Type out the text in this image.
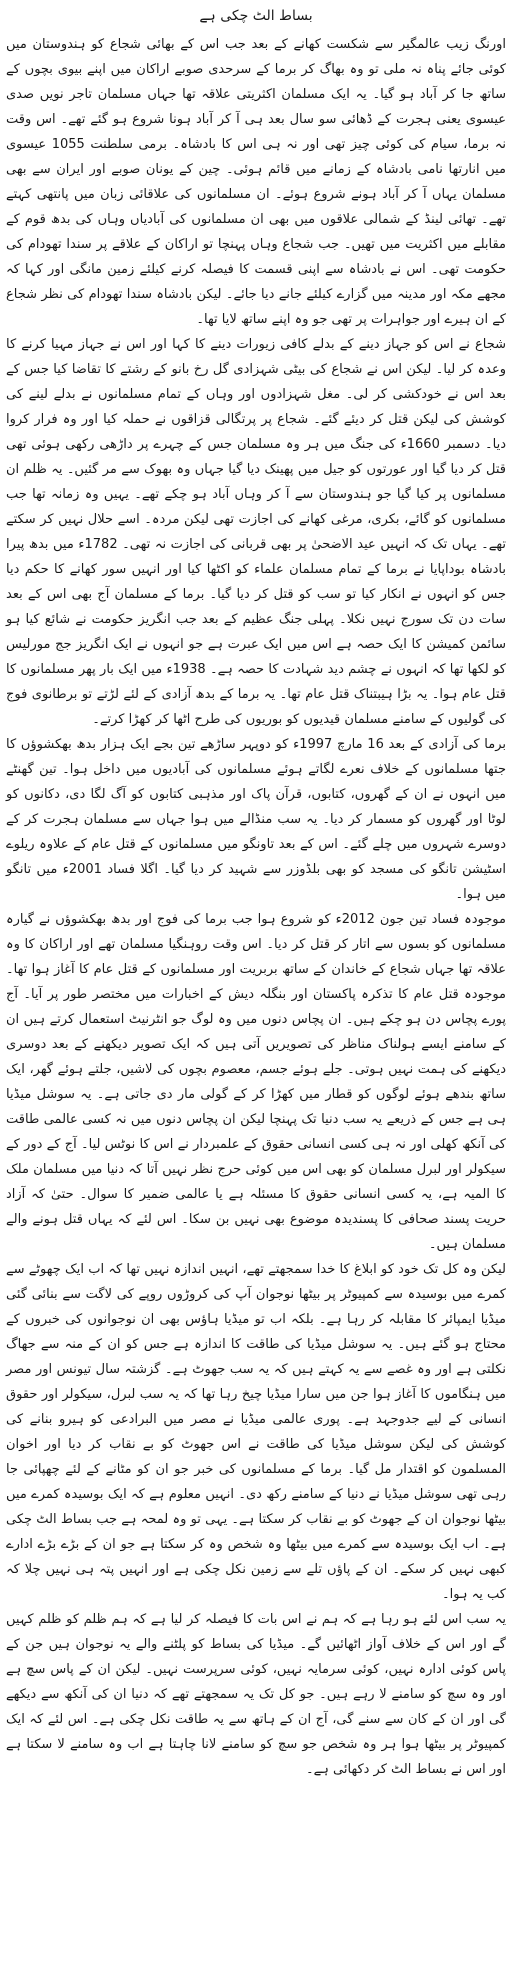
بساط الٹ چکی ہے

اورنگ زیب عالمگیر سے شکست کھانے کے بعد جب اس کے بھائی شجاع کو ہندوستان میں کوئی جائے پناہ نہ ملی تو وہ بھاگ کر برما کے سرحدی صوبے اراکان میں اپنے بیوی بچوں کے ساتھ جا کر آباد ہو گیا۔ یہ ایک مسلمان اکثریتی علاقہ تھا جہاں مسلمان تاجر نویں صدی عیسوی یعنی ہجرت کے ڈھائی سو سال بعد ہی آ کر آباد ہونا شروع ہو گئے تھے۔ اس وقت نہ برما، سیام کی کوئی چیز تھی اور نہ ہی اس کا بادشاہ۔ برمی سلطنت 1055 عیسوی میں انارتھا نامی بادشاہ کے زمانے میں قائم ہوئی۔ چین کے یونان صوبے اور ایران سے بھی مسلمان یہاں آ کر آباد ہونے شروع ہوئے۔ ان مسلمانوں کی علاقائی زبان میں پانتھی کہتے تھے۔ تھائی لینڈ کے شمالی علاقوں میں بھی ان مسلمانوں کی آبادیاں وہاں کی بدھ قوم کے مقابلے میں اکثریت میں تھیں۔ جب شجاع وہاں پہنچا تو اراکان کے علاقے پر سندا تھودام کی حکومت تھی۔ اس نے بادشاہ سے اپنی قسمت کا فیصلہ کرنے کیلئے زمین مانگی اور کہا کہ مجھے مکہ اور مدینہ میں گزارے کیلئے جانے دیا جائے۔ لیکن بادشاہ سندا تھودام کی نظر شجاع کے ان ہیرے اور جواہرات پر تھی جو وہ اپنے ساتھ لایا تھا۔

شجاع نے اس کو جہاز دینے کے بدلے کافی زیورات دینے کا کہا اور اس نے جہاز مہیا کرنے کا وعدہ کر لیا۔ لیکن اس نے شجاع کی بیٹی شہزادی گل رخ بانو کے رشتے کا تقاضا کیا جس کے بعد اس نے خودکشی کر لی۔ مغل شہزادوں اور وہاں کے تمام مسلمانوں نے بدلے لینے کی کوشش کی لیکن قتل کر دیئے گئے۔ شجاع پر پرتگالی قزاقوں نے حملہ کیا اور وہ فرار کروا دیا۔ دسمبر 1660ء کی جنگ میں ہر وہ مسلمان جس کے چہرے پر داڑھی رکھی ہوئی تھی قتل کر دیا گیا اور عورتوں کو جیل میں پھینک دیا گیا جہاں وہ بھوک سے مر گئیں۔ یہ ظلم ان مسلمانوں پر کیا گیا جو ہندوستان سے آ کر وہاں آباد ہو چکے تھے۔ یہیں وہ زمانہ تھا جب مسلمانوں کو گائے، بکری، مرغی کھانے کی اجازت تھی لیکن مردہ۔ اسے حلال نہیں کر سکتے تھے۔ یہاں تک کہ انہیں عید الاضحیٰ پر بھی قربانی کی اجازت نہ تھی۔ 1782ء میں بدھ پیرا بادشاہ بوداپایا نے برما کے تمام مسلمان علماء کو اکٹھا کیا اور انہیں سور کھانے کا حکم دیا جس کو انہوں نے انکار کیا تو سب کو قتل کر دیا گیا۔ برما کے مسلمان آج بھی اس کے بعد سات دن تک سورج نہیں نکلا۔ پہلی جنگ عظیم کے بعد جب انگریز حکومت نے شائع کیا ہو سائمن کمیشن کا ایک حصہ ہے اس میں ایک عبرت ہے جو انہوں نے ایک انگریز جج مورلیس کو لکھا تھا کہ انہوں نے چشم دید شہادت کا حصہ ہے۔ 1938ء میں ایک بار پھر مسلمانوں کا قتل عام ہوا۔ یہ بڑا ہیبتناک قتل عام تھا۔ یہ برما کے بدھ آزادی کے لئے لڑتے تو برطانوی فوج کی گولیوں کے سامنے مسلمان قیدیوں کو بوریوں کی طرح اٹھا کر کھڑا کرتے۔

برما کی آزادی کے بعد 16 مارچ 1997ء کو دوپہر ساڑھے تین بجے ایک ہزار بدھ بھکشوؤں کا جتھا مسلمانوں کے خلاف نعرے لگاتے ہوئے مسلمانوں کی آبادیوں میں داخل ہوا۔ تین گھنٹے میں انہوں نے ان کے گھروں، کتابوں، قرآن پاک اور مذہبی کتابوں کو آگ لگا دی، دکانوں کو لوٹا اور گھروں کو مسمار کر دیا۔ یہ سب منڈالے میں ہوا جہاں سے مسلمان ہجرت کر کے دوسرے شہروں میں چلے گئے۔ اس کے بعد تاونگو میں مسلمانوں کے قتل عام کے علاوہ ریلوے اسٹیشن تانگو کی مسجد کو بھی بلڈوزر سے شہید کر دیا گیا۔ اگلا فساد 2001ء میں تانگو میں ہوا۔

موجودہ فساد تین جون 2012ء کو شروع ہوا جب برما کی فوج اور بدھ بھکشوؤں نے گیارہ مسلمانوں کو بسوں سے اتار کر قتل کر دیا۔ اس وقت روہنگیا مسلمان تھے اور اراکان کا وہ علاقہ تھا جہاں شجاع کے خاندان کے ساتھ بربریت اور مسلمانوں کے قتل عام کا آغاز ہوا تھا۔ موجودہ قتل عام کا تذکرہ پاکستان اور بنگلہ دیش کے اخبارات میں مختصر طور پر آیا۔ آج پورے پچاس دن ہو چکے ہیں۔ ان پچاس دنوں میں وہ لوگ جو انٹرنیٹ استعمال کرتے ہیں ان کے سامنے ایسے ہولناک مناظر کی تصویریں آتی ہیں کہ ایک تصویر دیکھنے کے بعد دوسری دیکھنے کی ہمت نہیں ہوتی۔ جلے ہوئے جسم، معصوم بچوں کی لاشیں، جلتے ہوئے گھر، ایک ساتھ بندھے ہوئے لوگوں کو قطار میں کھڑا کر کے گولی مار دی جاتی ہے۔ یہ سوشل میڈیا ہی ہے جس کے ذریعے یہ سب دنیا تک پہنچا لیکن ان پچاس دنوں میں نہ کسی عالمی طاقت کی آنکھ کھلی اور نہ ہی کسی انسانی حقوق کے علمبردار نے اس کا نوٹس لیا۔ آج کے دور کے سیکولر اور لبرل مسلمان کو بھی اس میں کوئی حرج نظر نہیں آتا کہ دنیا میں مسلمان ملک کا المیہ ہے، یہ کسی انسانی حقوق کا مسئلہ ہے یا عالمی ضمیر کا سوال۔ حتیٰ کہ آزاد حریت پسند صحافی کا پسندیدہ موضوع بھی نہیں بن سکا۔ اس لئے کہ یہاں قتل ہونے والے مسلمان ہیں۔

لیکن وہ کل تک خود کو ابلاغ کا خدا سمجھتے تھے، انہیں اندازہ نہیں تھا کہ اب ایک چھوٹے سے کمرے میں بوسیدہ سے کمپیوٹر پر بیٹھا نوجوان آپ کی کروڑوں روپے کی لاگت سے بنائی گئی میڈیا ایمپائر کا مقابلہ کر رہا ہے۔ بلکہ اب تو میڈیا ہاؤس بھی ان نوجوانوں کی خبروں کے محتاج ہو گئے ہیں۔ یہ سوشل میڈیا کی طاقت کا اندازہ ہے جس کو ان کے منہ سے جھاگ نکلتی ہے اور وہ غصے سے یہ کہتے ہیں کہ یہ سب جھوٹ ہے۔ گزشتہ سال تیونس اور مصر میں ہنگاموں کا آغاز ہوا جن میں سارا میڈیا چیخ رہا تھا کہ یہ سب لبرل، سیکولر اور حقوق انسانی کے لیے جدوجہد ہے۔ پوری عالمی میڈیا نے مصر میں البرادعی کو ہیرو بنانے کی کوشش کی لیکن سوشل میڈیا کی طاقت نے اس جھوٹ کو بے نقاب کر دیا اور اخوان المسلمون کو اقتدار مل گیا۔ برما کے مسلمانوں کی خبر جو ان کو مٹانے کے لئے چھپائی جا رہی تھی سوشل میڈیا نے دنیا کے سامنے رکھ دی۔ انہیں معلوم ہے کہ ایک بوسیدہ کمرے میں بیٹھا نوجوان ان کے جھوٹ کو بے نقاب کر سکتا ہے۔ یہی تو وہ لمحہ ہے جب بساط الٹ چکی ہے۔ اب ایک بوسیدہ سے کمرے میں بیٹھا وہ شخص وہ کر سکتا ہے جو ان کے بڑے بڑے ادارے کبھی نہیں کر سکے۔ ان کے پاؤں تلے سے زمین نکل چکی ہے اور انہیں پتہ ہی نہیں چلا کہ کب یہ ہوا۔

یہ سب اس لئے ہو رہا ہے کہ ہم نے اس بات کا فیصلہ کر لیا ہے کہ ہم ظلم کو ظلم کہیں گے اور اس کے خلاف آواز اٹھائیں گے۔ میڈیا کی بساط کو پلٹنے والے یہ نوجوان ہیں جن کے پاس کوئی ادارہ نہیں، کوئی سرمایہ نہیں، کوئی سرپرست نہیں۔ لیکن ان کے پاس سچ ہے اور وہ سچ کو سامنے لا رہے ہیں۔ جو کل تک یہ سمجھتے تھے کہ دنیا ان کی آنکھ سے دیکھے گی اور ان کے کان سے سنے گی، آج ان کے ہاتھ سے یہ طاقت نکل چکی ہے۔ اس لئے کہ ایک کمپیوٹر پر بیٹھا ہوا ہر وہ شخص جو سچ کو سامنے لانا چاہتا ہے اب وہ سامنے لا سکتا ہے اور اس نے بساط الٹ کر دکھائی ہے۔
